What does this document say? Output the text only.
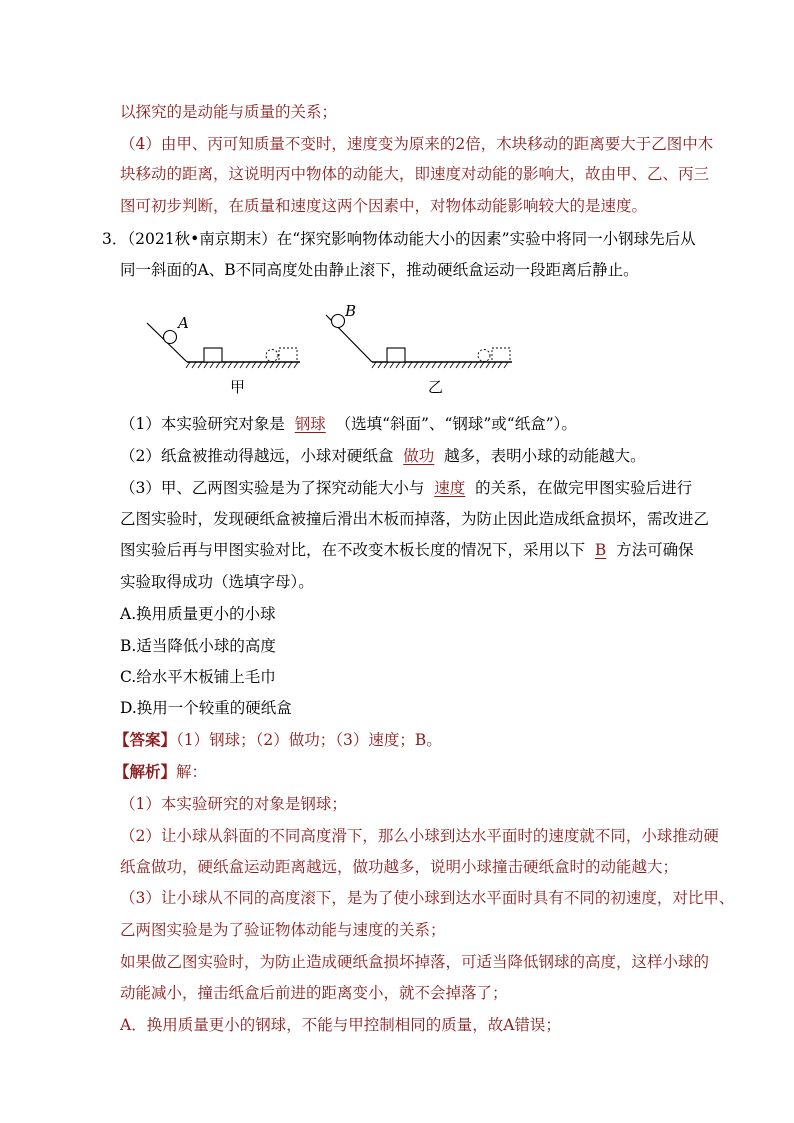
以探究的是动能与质量的关系；
（4）由甲、丙可知质量不变时，速度变为原来的2倍，木块移动的距离要大于乙图中木
块移动的距离，这说明丙中物体的动能大，即速度对动能的影响大，故由甲、乙、丙三
图可初步判断，在质量和速度这两个因素中，对物体动能影响较大的是速度。
3．（2021秋•南京期末）在“探究影响物体动能大小的因素”实验中将同一小钢球先后从
同一斜面的A、B不同高度处由静止滚下，推动硬纸盒运动一段距离后静止。
A
甲
B
乙
（1）本实验研究对象是 钢球 （选填“斜面”、“钢球”或“纸盒”）。
（2）纸盒被推动得越远，小球对硬纸盒 做功 越多，表明小球的动能越大。
（3）甲、乙两图实验是为了探究动能大小与 速度 的关系，在做完甲图实验后进行
乙图实验时，发现硬纸盒被撞后滑出木板而掉落，为防止因此造成纸盒损坏，需改进乙
图实验后再与甲图实验对比，在不改变木板长度的情况下，采用以下 B 方法可确保
实验取得成功（选填字母）。
A.换用质量更小的小球
B.适当降低小球的高度
C.给水平木板铺上毛巾
D.换用一个较重的硬纸盒
【答案】（1）钢球；（2）做功；（3）速度；B。
【解析】解：
（1）本实验研究的对象是钢球；
（2）让小球从斜面的不同高度滑下，那么小球到达水平面时的速度就不同，小球推动硬
纸盒做功，硬纸盒运动距离越远，做功越多，说明小球撞击硬纸盒时的动能越大；
（3）让小球从不同的高度滚下，是为了使小球到达水平面时具有不同的初速度，对比甲、
乙两图实验是为了验证物体动能与速度的关系；
如果做乙图实验时，为防止造成硬纸盒损坏掉落，可适当降低钢球的高度，这样小球的
动能减小，撞击纸盒后前进的距离变小，就不会掉落了；
A．换用质量更小的钢球，不能与甲控制相同的质量，故A错误；
